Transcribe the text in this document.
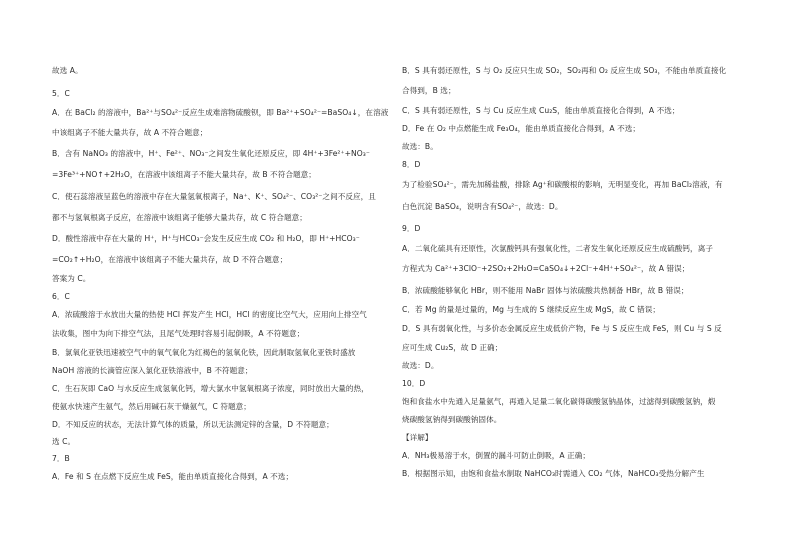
故选 A。
5．C
A．在 BaCl₂ 的溶液中，Ba²⁺与SO₄²⁻反应生成难溶物硫酸钡，即 Ba²⁺+SO₄²⁻=BaSO₄↓，在溶液
中该组离子不能大量共存，故 A 不符合题意；
B．含有 NaNO₃ 的溶液中，H⁺、Fe²⁺、NO₃⁻之间发生氧化还原反应，即 4H⁺+3Fe²⁺+NO₃⁻
=3Fe³⁺+NO↑+2H₂O，在溶液中该组离子不能大量共存，故 B 不符合题意；
C．使石蕊溶液呈蓝色的溶液中存在大量氢氧根离子，Na⁺、K⁺、SO₄²⁻、CO₃²⁻之间不反应，且
都不与氢氧根离子反应，在溶液中该组离子能够大量共存，故 C 符合题意；
D．酸性溶液中存在大量的 H⁺，H⁺与HCO₃⁻会发生反应生成 CO₂ 和 H₂O，即 H⁺+HCO₃⁻
=CO₂↑+H₂O，在溶液中该组离子不能大量共存，故 D 不符合题意；
答案为 C。
6．C
A．浓硫酸溶于水放出大量的热使 HCl 挥发产生 HCl，HCl 的密度比空气大，应用向上排空气
法收集，图中为向下排空气法，且尾气处理时容易引起倒吸，A 不符题意；
B．氯氧化亚铁迅速被空气中的氧气氧化为红褐色的氢氧化铁，因此制取氢氧化亚铁时盛放
NaOH 溶液的长滴管应深入氯化亚铁溶液中，B 不符题意；
C．生石灰即 CaO 与水反应生成氢氧化钙，增大氯水中氢氧根离子浓度，同时放出大量的热，
使氨水快速产生氨气，然后用碱石灰干燥氨气，C 符题意；
D．不知反应的状态，无法计算气体的质量，所以无法测定锌的含量，D 不符题意；
选 C。
7．B
A．Fe 和 S 在点燃下反应生成 FeS，能由单质直接化合得到，A 不选；
B．S 具有弱还原性，S 与 O₂ 反应只生成 SO₂，SO₂再和 O₂ 反应生成 SO₃，不能由单质直接化
合得到，B 选；
C．S 具有弱还原性，S 与 Cu 反应生成 Cu₂S，能由单质直接化合得到，A 不选；
D．Fe 在 O₂ 中点燃能生成 Fe₃O₄，能由单质直接化合得到，A 不选；
故选：B。
8．D
为了检验SO₄²⁻，需先加稀盐酸，排除 Ag⁺和碳酸根的影响，无明显变化，再加 BaCl₂溶液，有
白色沉淀 BaSO₄，说明含有SO₄²⁻，故选：D。
9．D
A．二氧化硫具有还原性，次氯酸钙具有强氧化性，二者发生氧化还原反应生成硫酸钙，离子
方程式为 Ca²⁺+3ClO⁻+2SO₂+2H₂O=CaSO₄↓+2Cl⁻+4H⁺+SO₄²⁻，故 A 错误；
B．浓硫酸能够氧化 HBr，则不能用 NaBr 固体与浓硫酸共热制备 HBr，故 B 错误；
C．若 Mg 的量是过量的，Mg 与生成的 S 继续反应生成 MgS，故 C 错误；
D．S 具有弱氧化性，与多价态金属反应生成低价产物，Fe 与 S 反应生成 FeS，则 Cu 与 S 反
应可生成 Cu₂S，故 D 正确；
故选：D。
10．D
饱和食盐水中先通入足量氨气，再通入足量二氧化碳得碳酸氢钠晶体，过滤得到碳酸氢钠，煅
烧碳酸氢钠得到碳酸钠固体。
【详解】
A．NH₃极易溶于水，倒置的漏斗可防止倒吸，A 正确；
B．根据图示知，由饱和食盐水制取 NaHCO₃时需通入 CO₂ 气体，NaHCO₃受热分解产生
